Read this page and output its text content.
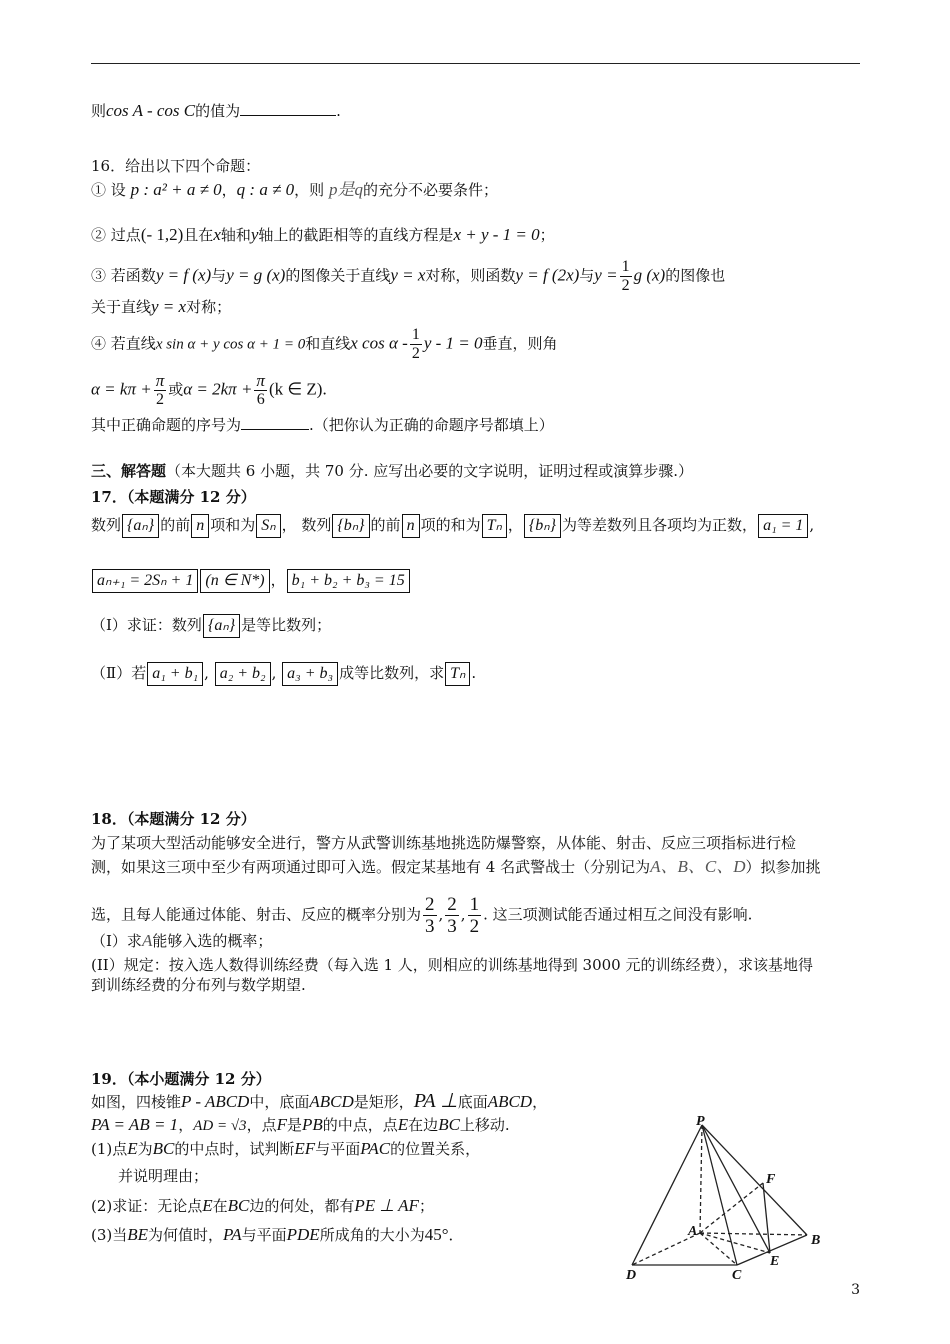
则cos A - cos C的值为	.
16．给出以下四个命题：
① 设 p : a² + a ≠ 0，q : a ≠ 0，则 p是q的充分不必要条件；
② 过点(- 1,2)且在x轴和y轴上的截距相等的直线方程是x + y - 1 = 0；
③ 若函数y = f (x)与y = g (x)的图像关于直线y = x对称，则函数y = f (2x)与$y = \frac{1}{2}$ g (x)的图像也
关于直线y = x对称；
④ 若直线x sin α + y cos α + 1 = 0和直线x cos α - $\frac{1}{2}$ y - 1 = 0垂直，则角
$\alpha = k\pi + \frac{\pi}{2}$ 或$\alpha = 2k\pi + \frac{\pi}{6} (k$ ∈ Z).
其中正确命题的序号为	.（把你认为正确的命题序号都填上）
三、解答题（本大题共 6 小题，共 70 分. 应写出必要的文字说明，证明过程或演算步骤.）
17．（本题满分 12 分）
数列 {aₙ} 的前 n 项和为 Sₙ ， 数列 {bₙ} 的前 n 项的和为 Tₙ ， {bₙ} 为等差数列且各项均为正数， a₁ = 1 ,
aₙ₊₁ = 2Sₙ + 1 (n ∈ N*) ， b₁ + b₂ + b₃ = 15
（Ⅰ）求证：数列 {aₙ} 是等比数列；
（Ⅱ）若 a₁ + b₁ , a₂ + b₂ , a₃ + b₃ 成等比数列，求 Tₙ .
18．（本题满分 12 分）
为了某项大型活动能够安全进行，警方从武警训练基地挑选防爆警察，从体能、射击、反应三项指标进行检
测，如果这三项中至少有两项通过即可入选。假定某基地有 4 名武警战士（分别记为A、B、C、D）拟参加挑
选，且每人能通过体能、射击、反应的概率分别为 $\frac{2}{3}$ , $\frac{2}{3}$ , $\frac{1}{2}$ . 这三项测试能否通过相互之间没有影响.
（Ⅰ）求A能够入选的概率；
(II）规定：按入选人数得训练经费（每入选 1 人，则相应的训练基地得到 3000 元的训练经费），求该基地得
到训练经费的分布列与数学期望.
19．（本小题满分 12 分）
如图，四棱锥P - ABCD中，底面ABCD是矩形，PA ⊥底面ABCD，
PA = AB = 1，AD = √3，点F是PB的中点，点E在边BC上移动.
(1)点E为BC的中点时，试判断EF与平面PAC的位置关系，
并说明理由；
(2)求证：无论点E在BC边的何处，都有PE ⊥ AF；
(3)当BE为何值时，PA与平面PDE所成角的大小为45°．
P
F
A
B
E
C
D
3
